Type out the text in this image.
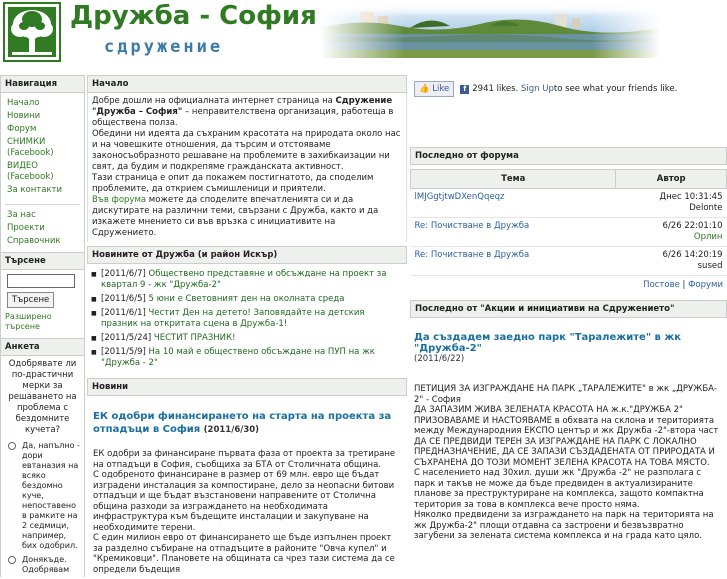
Дружба - София
сдружение
Навигация
Начало
Новини
Форум
СНИМКИ (Facebook)
ВИДЕО (Facebook)
За контакти
За нас
Проекти
Справочник
Търсене
Търсене
Разширено търсене
Анкета
Одобрявате ли по-драстични мерки за решаването на проблема с бездомните кучета?
Да, напълно - дори евтаназия на всяко бездомно куче, непоставено в рамките на 2 седмици, например, бих одобрил.
Донякъде. Одобрявам
Начало
Добре дошли на официалната интернет страница на Сдружение "Дружба – София" – неправителствена организация, работеща в обществена полза.
Обедини ни идеята да съхраним красотата на природата около нас и на човешките отношения, да търсим и отстояваме законосъобразното решаване на проблемите в захибкаизации ни свят, да будим и подкрепяме гражданската активност.
Тази страница е опит да покажем постигнатото, да споделим проблемите, да открием съмишленици и приятели.
Във форума можете да споделите впечатленията си и да дискутирате на различни теми, свързани с Дружба, както и да изкажете мнението си във връзка с инициативите на Сдружението.
Новините от Дружба (и район Искър)
■ [2011/6/7] Обществено представяне и обсъждане на проект за квартал 9 - жк "Дружба-2"
■ [2011/6/5] 5 юни е Световният ден на околната среда
■ [2011/6/1] Честит Ден на детето! Заповядайте на детския празник на откритата сцена в Дружба-1!
■ [2011/5/24] ЧЕСТИТ ПРАЗНИК!
■ [2011/5/9] На 10 май е обществено обсъждане на ПУП на жк "Дружба - 2"
Новини
ЕК одобри финансирането на старта на проекта за отпадъци в София (2011/6/30)
ЕК одобри за финансиране първата фаза от проекта за третиране на отпадъци в София, съобщиха за БТА от Столичната община.
С одобреното финансиране в размер от 69 млн. евро ще бъдат изградени инсталация за компостиране, дело за неопасни битови отпадъци и ще бъдат възстановени направените от Столична община разходи за изграждането на необходимата инфраструктура към бъдещите инсталации и закупуване на необходимите терени.
С един милион евро от финансирането ще бъде изпълнен проект за разделно събиране на отпадъците в районите "Овча купел" и "Кремиковци". Плановете на общината са чрез тази система да се определи бъдещия
👍 Like	f 2941 likes.
Sign Up to see what your friends like.
Последно от форума
Тема	Автор
lMJGgtjtwDXenQqeqz	Днес 10:31:45
Delonte
Re: Почистване в Дружба	6/26 22:01:10
Орлин
Re: Почистване в Дружба	6/26 14:20:19
sused
Постове | Форуми
Последно от "Акции и инициативи на Сдружението"
Да създадем заедно парк "Таралежите" в жк "Дружба-2"
(2011/6/22)
ПЕТИЦИЯ ЗА ИЗГРАЖДАНЕ НА ПАРК „ТАРАЛЕЖИТЕ" в жк „ДРУЖБА- 2" - София
ДА ЗАПАЗИМ ЖИВА ЗЕЛЕНАТА КРАСОТА НА ж.к."ДРУЖБА 2" ПРИЗОВАВАМЕ И НАСТОЯВАМЕ в обхвата на склона и територията между Международния ЕКСПО център и жк Дружба -2"-втора част ДА СЕ ПРЕДВИДИ ТЕРЕН ЗА ИЗГРАЖДАНЕ НА ПАРК С ЛОКАЛНО ПРЕДНАЗНАЧЕНИЕ, ДА СЕ ЗАПАЗИ СЪЗДАДЕНАТА ОТ ПРИРОДАТА И СЪХРАНЕНА ДО ТОЗИ МОМЕНТ ЗЕЛЕНА КРАСОТА НА ТОВА МЯСТО.
С населението над 30хил. души жк "Дружба -2" не разполага с парк и такъв не може да бъде предвиден в актуализираните планове за преструктуриране на комплекса, защото компактна територия за това в комплекса вече просто няма.
Няколко предвидени за изграждането на парк на територията на жк Дружба-2" площи отдавна са застроени и безвъзвратно загубени за зелената система комплекса и на града като цяло.
